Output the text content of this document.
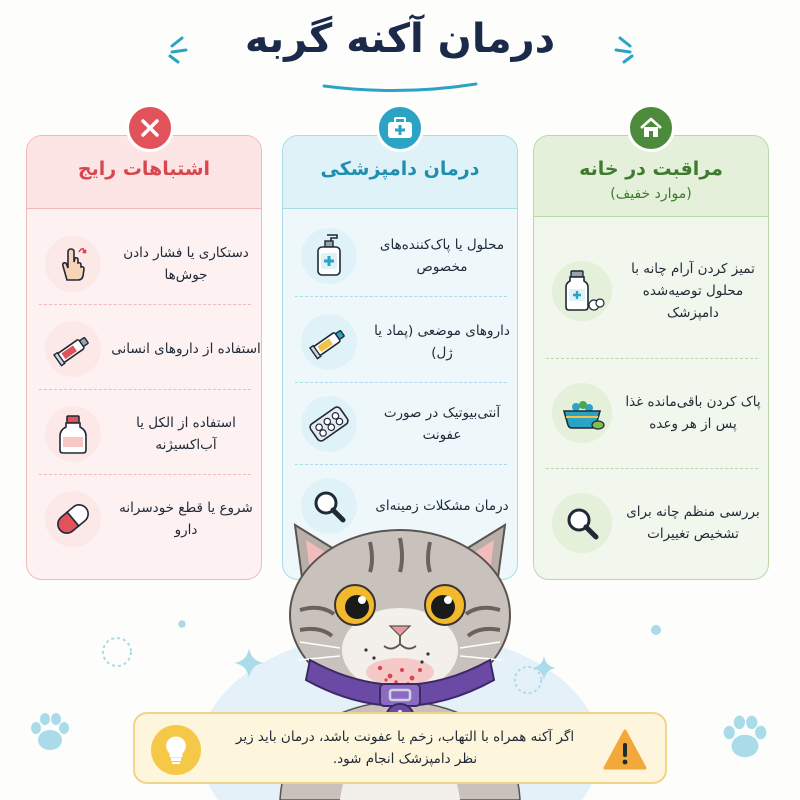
درمان آکنه گربه
اشتباهات رایج
دستکاری یا فشار دادن جوش‌ها
استفاده از داروهای انسانی
استفاده از الکل یا آب‌اکسیژنه
شروع یا قطع خودسرانه دارو
درمان دامپزشکی
محلول یا پاک‌کننده‌های مخصوص
داروهای موضعی (پماد یا ژل)
آنتی‌بیوتیک در صورت عفونت
درمان مشکلات زمینه‌ای
مراقبت در خانه
(موارد خفیف)
تمیز کردن آرام چانه با محلول توصیه‌شده دامپزشک
پاک کردن باقی‌مانده غذا پس از هر وعده
بررسی منظم چانه برای تشخیص تغییرات
اگر آکنه همراه با التهاب، زخم یا عفونت باشد، درمان باید زیر نظر دامپزشک انجام شود.
